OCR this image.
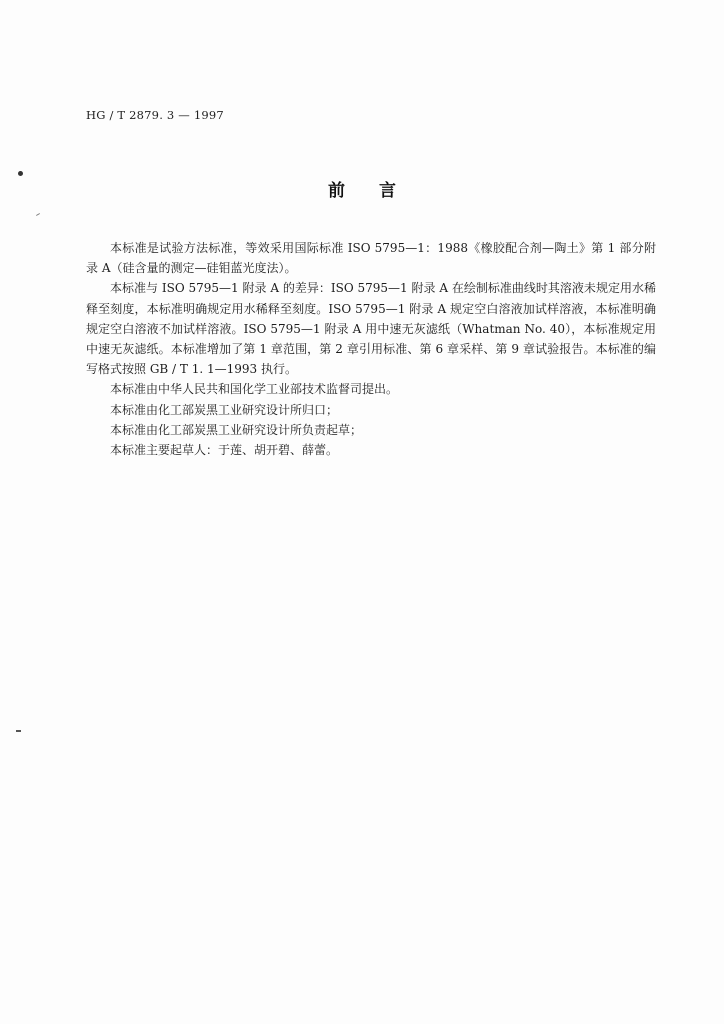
HG / T 2879. 3 — 1997
前言

本标准是试验方法标准，等效采用国际标准 ISO 5795—1：1988《橡胶配合剂—陶土》第 1 部分附录 A（硅含量的测定—硅钼蓝光度法）。

本标准与 ISO 5795—1 附录 A 的差异：ISO 5795—1 附录 A 在绘制标准曲线时其溶液未规定用水稀释至刻度，本标准明确规定用水稀释至刻度。ISO 5795—1 附录 A 规定空白溶液加试样溶液，本标准明确规定空白溶液不加试样溶液。ISO 5795—1 附录 A 用中速无灰滤纸（Whatman No. 40），本标准规定用中速无灰滤纸。本标准增加了第 1 章范围，第 2 章引用标准、第 6 章采样、第 9 章试验报告。本标准的编写格式按照 GB / T 1. 1—1993 执行。

本标准由中华人民共和国化学工业部技术监督司提出。

本标准由化工部炭黑工业研究设计所归口；

本标准由化工部炭黑工业研究设计所负责起草；

本标准主要起草人：于莲、胡开碧、薛蕾。
